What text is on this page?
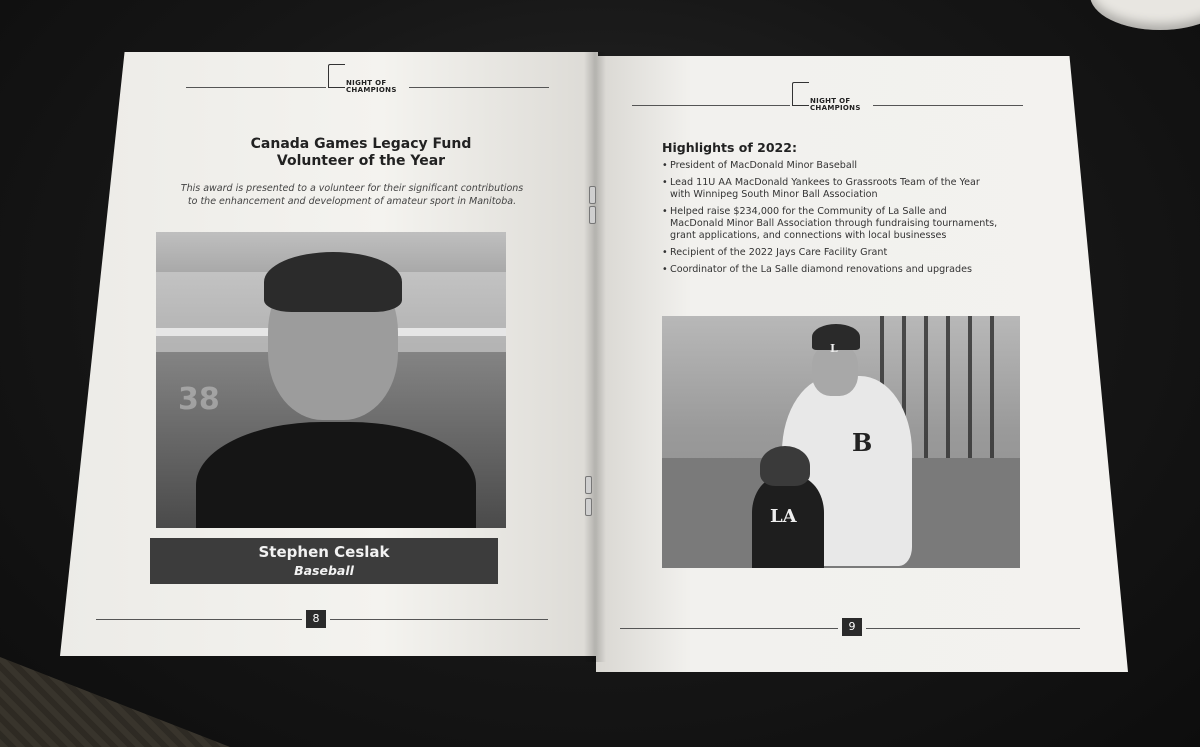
NIGHT OF
CHAMPIONS
Canada Games Legacy Fund
Volunteer of the Year
This award is presented to a volunteer for their significant contributions
to the enhancement and development of amateur sport in Manitoba.
38
Stephen Ceslak
Baseball
8
NIGHT OF
CHAMPIONS
Highlights of 2022:
• President of MacDonald Minor Baseball
• Lead 11U AA MacDonald Yankees to Grassroots Team of the Year with Winnipeg South Minor Ball Association
• Helped raise $234,000 for the Community of La Salle and MacDonald Minor Ball Association through fundraising tournaments, grant applications, and connections with local businesses
• Recipient of the 2022 Jays Care Facility Grant
• Coordinator of the La Salle diamond renovations and upgrades
L
B
LA
9
